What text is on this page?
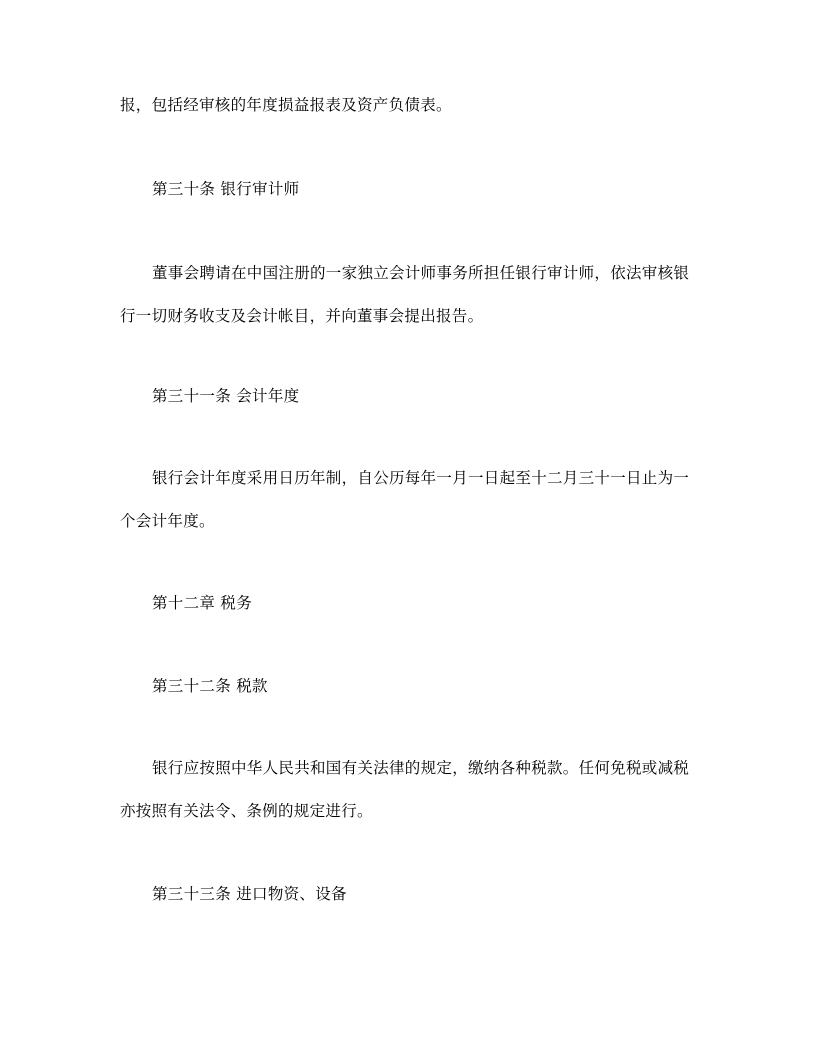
报，包括经审核的年度损益报表及资产负债表。

第三十条 银行审计师

董事会聘请在中国注册的一家独立会计师事务所担任银行审计师，依法审核银

行一切财务收支及会计帐目，并向董事会提出报告。

第三十一条 会计年度

银行会计年度采用日历年制，自公历每年一月一日起至十二月三十一日止为一

个会计年度。

第十二章 税务

第三十二条 税款

银行应按照中华人民共和国有关法律的规定，缴纳各种税款。任何免税或减税

亦按照有关法令、条例的规定进行。

第三十三条 进口物资、设备
